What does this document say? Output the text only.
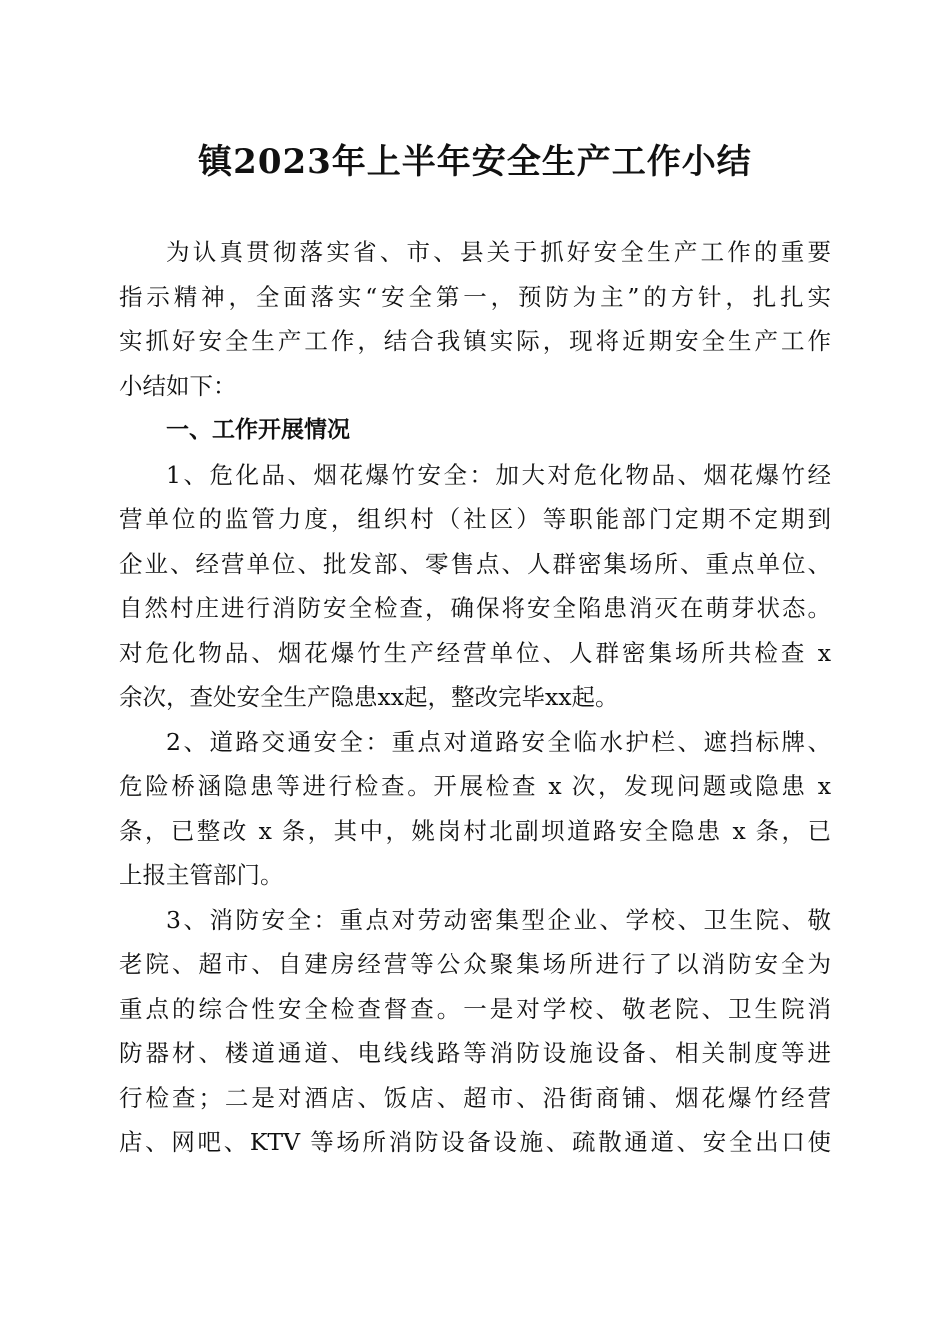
镇2023年上半年安全生产工作小结
为认真贯彻落实省、市、县关于抓好安全生产工作的重要
指示精神，全面落实“安全第一，预防为主”的方针，扎扎实
实抓好安全生产工作，结合我镇实际，现将近期安全生产工作
小结如下：
一、工作开展情况
1、危化品、烟花爆竹安全：加大对危化物品、烟花爆竹经
营单位的监管力度，组织村（社区）等职能部门定期不定期到
企业、经营单位、批发部、零售点、人群密集场所、重点单位、
自然村庄进行消防安全检查，确保将安全陷患消灭在萌芽状态。
对危化物品、烟花爆竹生产经营单位、人群密集场所共检查 x
余次，查处安全生产隐患xx起，整改完毕xx起。
2、道路交通安全：重点对道路安全临水护栏、遮挡标牌、
危险桥涵隐患等进行检查。开展检查 x 次，发现问题或隐患 x
条，已整改 x 条，其中，姚岗村北副坝道路安全隐患 x 条，已
上报主管部门。
3、消防安全：重点对劳动密集型企业、学校、卫生院、敬
老院、超市、自建房经营等公众聚集场所进行了以消防安全为
重点的综合性安全检查督查。一是对学校、敬老院、卫生院消
防器材、楼道通道、电线线路等消防设施设备、相关制度等进
行检查；二是对酒店、饭店、超市、沿街商铺、烟花爆竹经营
店、网吧、KTV 等场所消防设备设施、疏散通道、安全出口使
